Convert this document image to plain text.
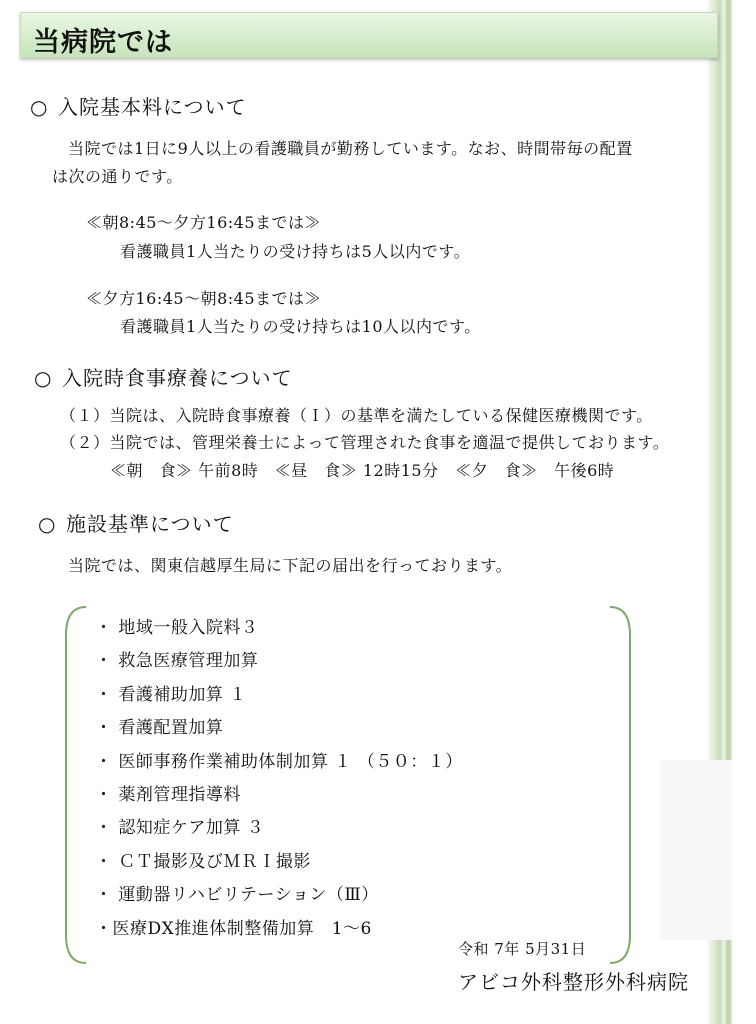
当病院では
○ 入院基本料について
当院では1日に9人以上の看護職員が勤務しています。なお、時間帯毎の配置
は次の通りです。
≪朝8:45～夕方16:45までは≫
看護職員1人当たりの受け持ちは5人以内です。
≪夕方16:45～朝8:45までは≫
看護職員1人当たりの受け持ちは10人以内です。
○ 入院時食事療養について
（１）当院は、入院時食事療養（Ｉ）の基準を満たしている保健医療機関です。
（２）当院では、管理栄養士によって管理された食事を適温で提供しております。
≪朝　食≫ 午前8時　≪昼　食≫ 12時15分　≪夕　食≫　午後6時
○ 施設基準について
当院では、関東信越厚生局に下記の届出を行っております。
・ 地域一般入院料３
・ 救急医療管理加算
・ 看護補助加算 １
・ 看護配置加算
・ 医師事務作業補助体制加算 １ （５０：１）
・ 薬剤管理指導料
・ 認知症ケア加算 ３
・ ＣＴ撮影及びＭＲＩ撮影
・ 運動器リハビリテーション（Ⅲ）
・医療DX推進体制整備加算　1～6
令和 7年 5月31日
アビコ外科整形外科病院
